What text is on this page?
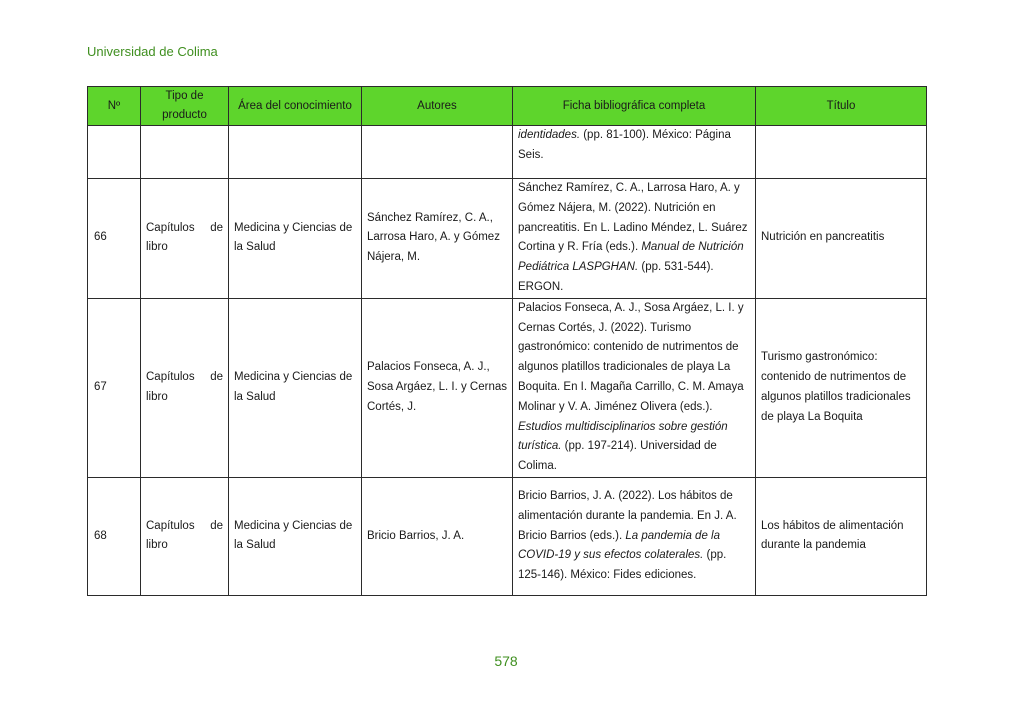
Universidad de Colima
Nº	Tipo de producto	Área del conocimiento	Autores	Ficha bibliográfica completa	Título
				identidades. (pp. 81-100). México: Página Seis.	
66	Capítulos de libro	Medicina y Ciencias de la Salud	Sánchez Ramírez, C. A., Larrosa Haro, A. y Gómez Nájera, M.	Sánchez Ramírez, C. A., Larrosa Haro, A. y Gómez Nájera, M. (2022). Nutrición en pancreatitis. En L. Ladino Méndez, L. Suárez Cortina y R. Fría (eds.). Manual de Nutrición Pediátrica LASPGHAN. (pp. 531-544). ERGON.	Nutrición en pancreatitis
67	Capítulos de libro	Medicina y Ciencias de la Salud	Palacios Fonseca, A. J., Sosa Argáez, L. I. y Cernas Cortés, J.	Palacios Fonseca, A. J., Sosa Argáez, L. I. y Cernas Cortés, J. (2022). Turismo gastronómico: contenido de nutrimentos de algunos platillos tradicionales de playa La Boquita. En I. Magaña Carrillo, C. M. Amaya Molinar y V. A. Jiménez Olivera (eds.). Estudios multidisciplinarios sobre gestión turística. (pp. 197-214). Universidad de Colima.	Turismo gastronómico: contenido de nutrimentos de algunos platillos tradicionales de playa La Boquita
68	Capítulos de libro	Medicina y Ciencias de la Salud	Bricio Barrios, J. A.	Bricio Barrios, J. A. (2022). Los hábitos de alimentación durante la pandemia. En J. A. Bricio Barrios (eds.). La pandemia de la COVID-19 y sus efectos colaterales. (pp. 125-146). México: Fides ediciones.	Los hábitos de alimentación durante la pandemia
578
